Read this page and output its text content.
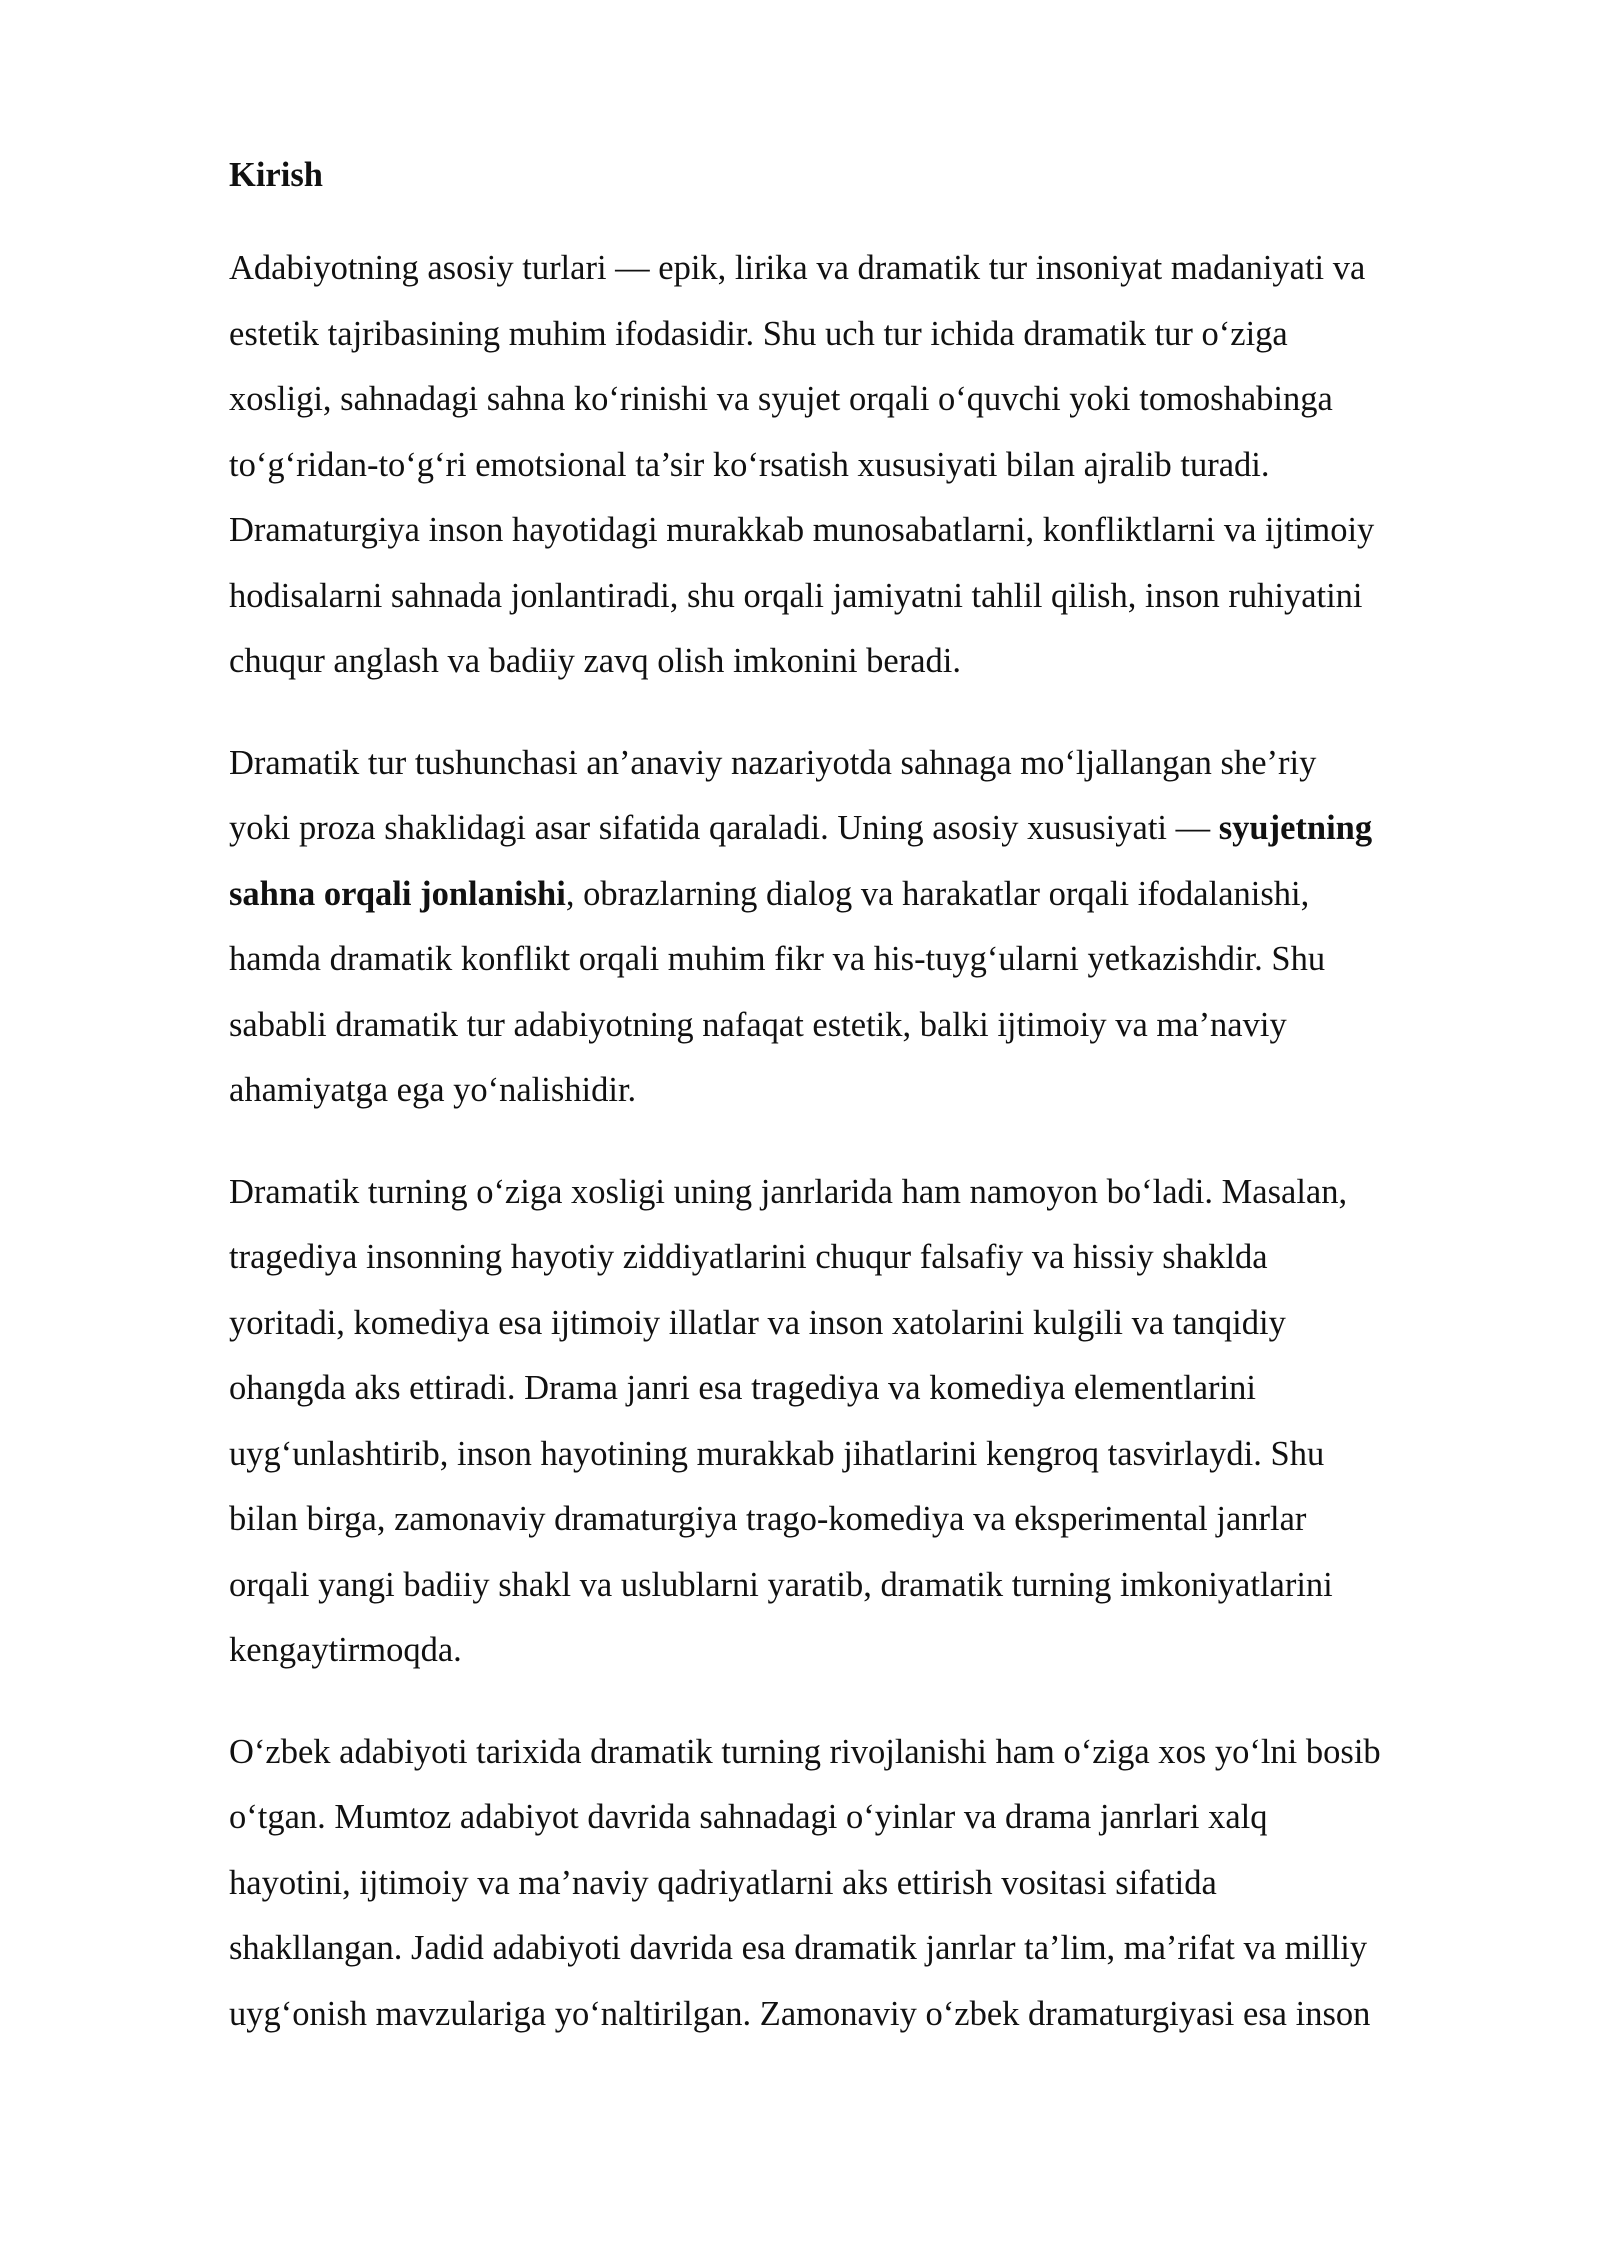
Kirish
Adabiyotning asosiy turlari — epik, lirika va dramatik tur insoniyat madaniyati va
estetik tajribasining muhim ifodasidir. Shu uch tur ichida dramatik tur o‘ziga
xosligi, sahnadagi sahna ko‘rinishi va syujet orqali o‘quvchi yoki tomoshabinga
to‘g‘ridan-to‘g‘ri emotsional ta’sir ko‘rsatish xususiyati bilan ajralib turadi.
Dramaturgiya inson hayotidagi murakkab munosabatlarni, konfliktlarni va ijtimoiy
hodisalarni sahnada jonlantiradi, shu orqali jamiyatni tahlil qilish, inson ruhiyatini
chuqur anglash va badiiy zavq olish imkonini beradi.
Dramatik tur tushunchasi an’anaviy nazariyotda sahnaga mo‘ljallangan she’riy
yoki proza shaklidagi asar sifatida qaraladi. Uning asosiy xususiyati — syujetning
sahna orqali jonlanishi, obrazlarning dialog va harakatlar orqali ifodalanishi,
hamda dramatik konflikt orqali muhim fikr va his-tuyg‘ularni yetkazishdir. Shu
sababli dramatik tur adabiyotning nafaqat estetik, balki ijtimoiy va ma’naviy
ahamiyatga ega yo‘nalishidir.
Dramatik turning o‘ziga xosligi uning janrlarida ham namoyon bo‘ladi. Masalan,
tragediya insonning hayotiy ziddiyatlarini chuqur falsafiy va hissiy shaklda
yoritadi, komediya esa ijtimoiy illatlar va inson xatolarini kulgili va tanqidiy
ohangda aks ettiradi. Drama janri esa tragediya va komediya elementlarini
uyg‘unlashtirib, inson hayotining murakkab jihatlarini kengroq tasvirlaydi. Shu
bilan birga, zamonaviy dramaturgiya trago-komediya va eksperimental janrlar
orqali yangi badiiy shakl va uslublarni yaratib, dramatik turning imkoniyatlarini
kengaytirmoqda.
O‘zbek adabiyoti tarixida dramatik turning rivojlanishi ham o‘ziga xos yo‘lni bosib
o‘tgan. Mumtoz adabiyot davrida sahnadagi o‘yinlar va drama janrlari xalq
hayotini, ijtimoiy va ma’naviy qadriyatlarni aks ettirish vositasi sifatida
shakllangan. Jadid adabiyoti davrida esa dramatik janrlar ta’lim, ma’rifat va milliy
uyg‘onish mavzulariga yo‘naltirilgan. Zamonaviy o‘zbek dramaturgiyasi esa inson
